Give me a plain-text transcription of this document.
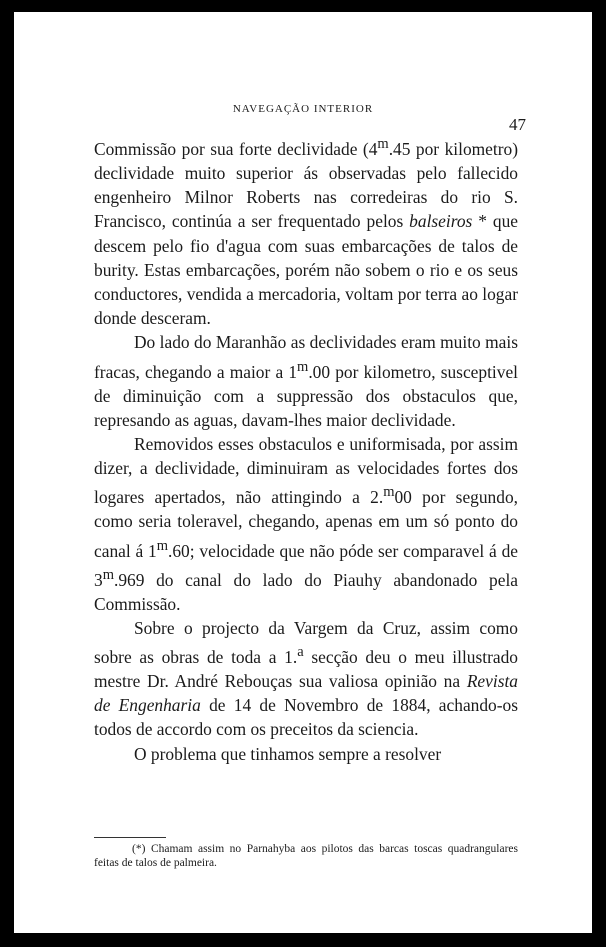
NAVEGAÇÃO INTERIOR
47

Commissão por sua forte declividade (4$^m$.45 por kilometro) declividade muito superior ás observadas pelo fallecido engenheiro Milnor Roberts nas corredeiras do rio S. Francisco, continúa a ser frequentado pelos balseiros * que descem pelo fio d'agua com suas embarcações de talos de burity. Estas embarcações, porém não sobem o rio e os seus conductores, vendida a mercadoria, voltam por terra ao logar donde desceram.

Do lado do Maranhão as declividades eram muito mais fracas, chegando a maior a 1$^m$.00 por kilometro, susceptivel de diminuição com a suppressão dos obstaculos que, represando as aguas, davam-lhes maior declividade.

Removidos esses obstaculos e uniformisada, por assim dizer, a declividade, diminuiram as velocidades fortes dos logares apertados, não attingindo a 2.$^m$00 por segundo, como seria toleravel, chegando, apenas em um só ponto do canal á 1$^m$.60; velocidade que não póde ser comparavel á de 3$^m$.969 do canal do lado do Piauhy abandonado pela Commissão.

Sobre o projecto da Vargem da Cruz, assim como sobre as obras de toda a 1.$^a$ secção deu o meu illustrado mestre Dr. André Rebouças sua valiosa opinião na Revista de Engenharia de 14 de Novembro de 1884, achando-os todos de accordo com os preceitos da sciencia.

O problema que tinhamos sempre a resolver

(*) Chamam assim no Parnahyba aos pilotos das barcas toscas quadrangulares feitas de talos de palmeira.
